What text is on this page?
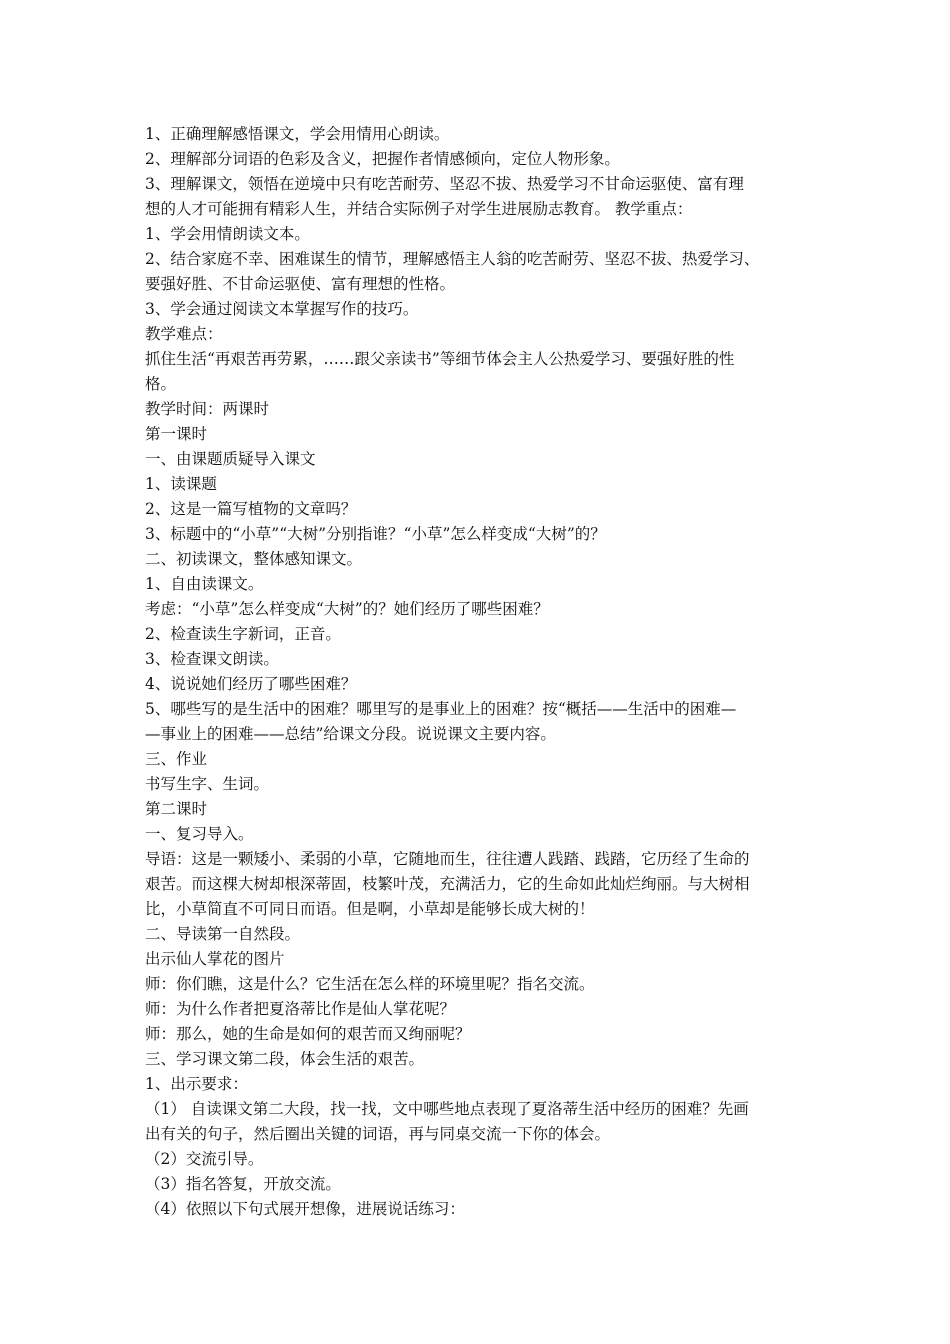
1、正确理解感悟课文，学会用情用心朗读。

2、理解部分词语的色彩及含义，把握作者情感倾向，定位人物形象。

3、理解课文，领悟在逆境中只有吃苦耐劳、坚忍不拔、热爱学习不甘命运驱使、富有理

想的人才可能拥有精彩人生，并结合实际例子对学生进展励志教育。 教学重点：

1、学会用情朗读文本。

2、结合家庭不幸、困难谋生的情节，理解感悟主人翁的吃苦耐劳、坚忍不拔、热爱学习、

要强好胜、不甘命运驱使、富有理想的性格。

3、学会通过阅读文本掌握写作的技巧。

教学难点：

抓住生活“再艰苦再劳累，……跟父亲读书”等细节体会主人公热爱学习、要强好胜的性

格。

教学时间：两课时

第一课时

一、由课题质疑导入课文

1、读课题

2、这是一篇写植物的文章吗？

3、标题中的“小草”“大树”分别指谁？“小草”怎么样变成“大树”的？

二、初读课文，整体感知课文。

1、自由读课文。

考虑：“小草”怎么样变成“大树”的？她们经历了哪些困难？

2、检查读生字新词，正音。

3、检查课文朗读。

4、说说她们经历了哪些困难？

5、哪些写的是生活中的困难？哪里写的是事业上的困难？按“概括——生活中的困难—

—事业上的困难——总结”给课文分段。说说课文主要内容。

三、作业

书写生字、生词。

第二课时

一、复习导入。

导语：这是一颗矮小、柔弱的小草，它随地而生，往往遭人践踏、践踏，它历经了生命的

艰苦。而这棵大树却根深蒂固，枝繁叶茂，充满活力，它的生命如此灿烂绚丽。与大树相

比，小草简直不可同日而语。但是啊，小草却是能够长成大树的！

二、导读第一自然段。

出示仙人掌花的图片

师：你们瞧，这是什么？它生活在怎么样的环境里呢？指名交流。

师：为什么作者把夏洛蒂比作是仙人掌花呢？

师：那么，她的生命是如何的艰苦而又绚丽呢？

三、学习课文第二段，体会生活的艰苦。

1、出示要求：

（1） 自读课文第二大段，找一找，文中哪些地点表现了夏洛蒂生活中经历的困难？先画

出有关的句子，然后圈出关键的词语，再与同桌交流一下你的体会。

（2）交流引导。

（3）指名答复，开放交流。

（4）依照以下句式展开想像，进展说话练习：
